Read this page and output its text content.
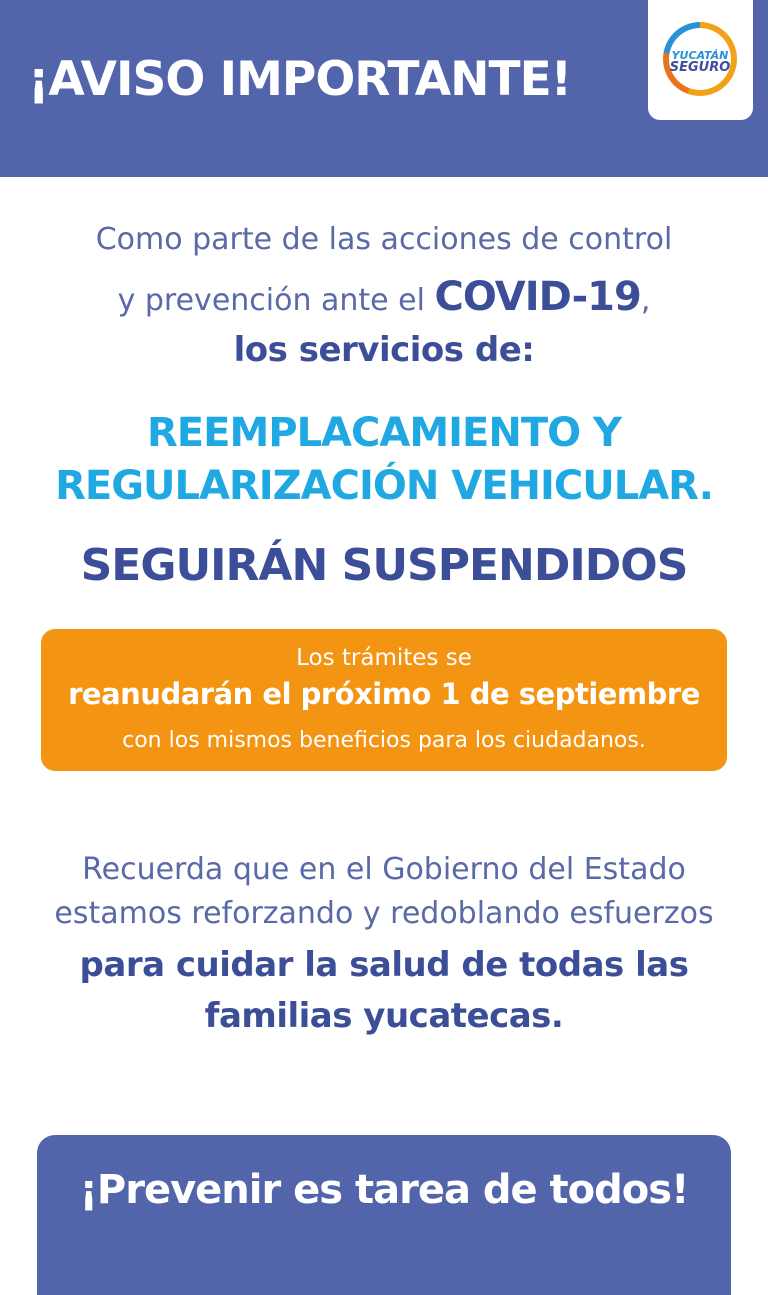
¡AVISO IMPORTANTE!	YUCATÁN
SEGURO
Como parte de las acciones de control
y prevención ante el COVID-19,
los servicios de:
REEMPLACAMIENTO Y
REGULARIZACIÓN VEHICULAR.
SEGUIRÁN SUSPENDIDOS
Los trámites se
reanudarán el próximo 1 de septiembre
con los mismos beneficios para los ciudadanos.
Recuerda que en el Gobierno del Estado
estamos reforzando y redoblando esfuerzos
para cuidar la salud de todas las
familias yucatecas.
¡Prevenir es tarea de todos!
